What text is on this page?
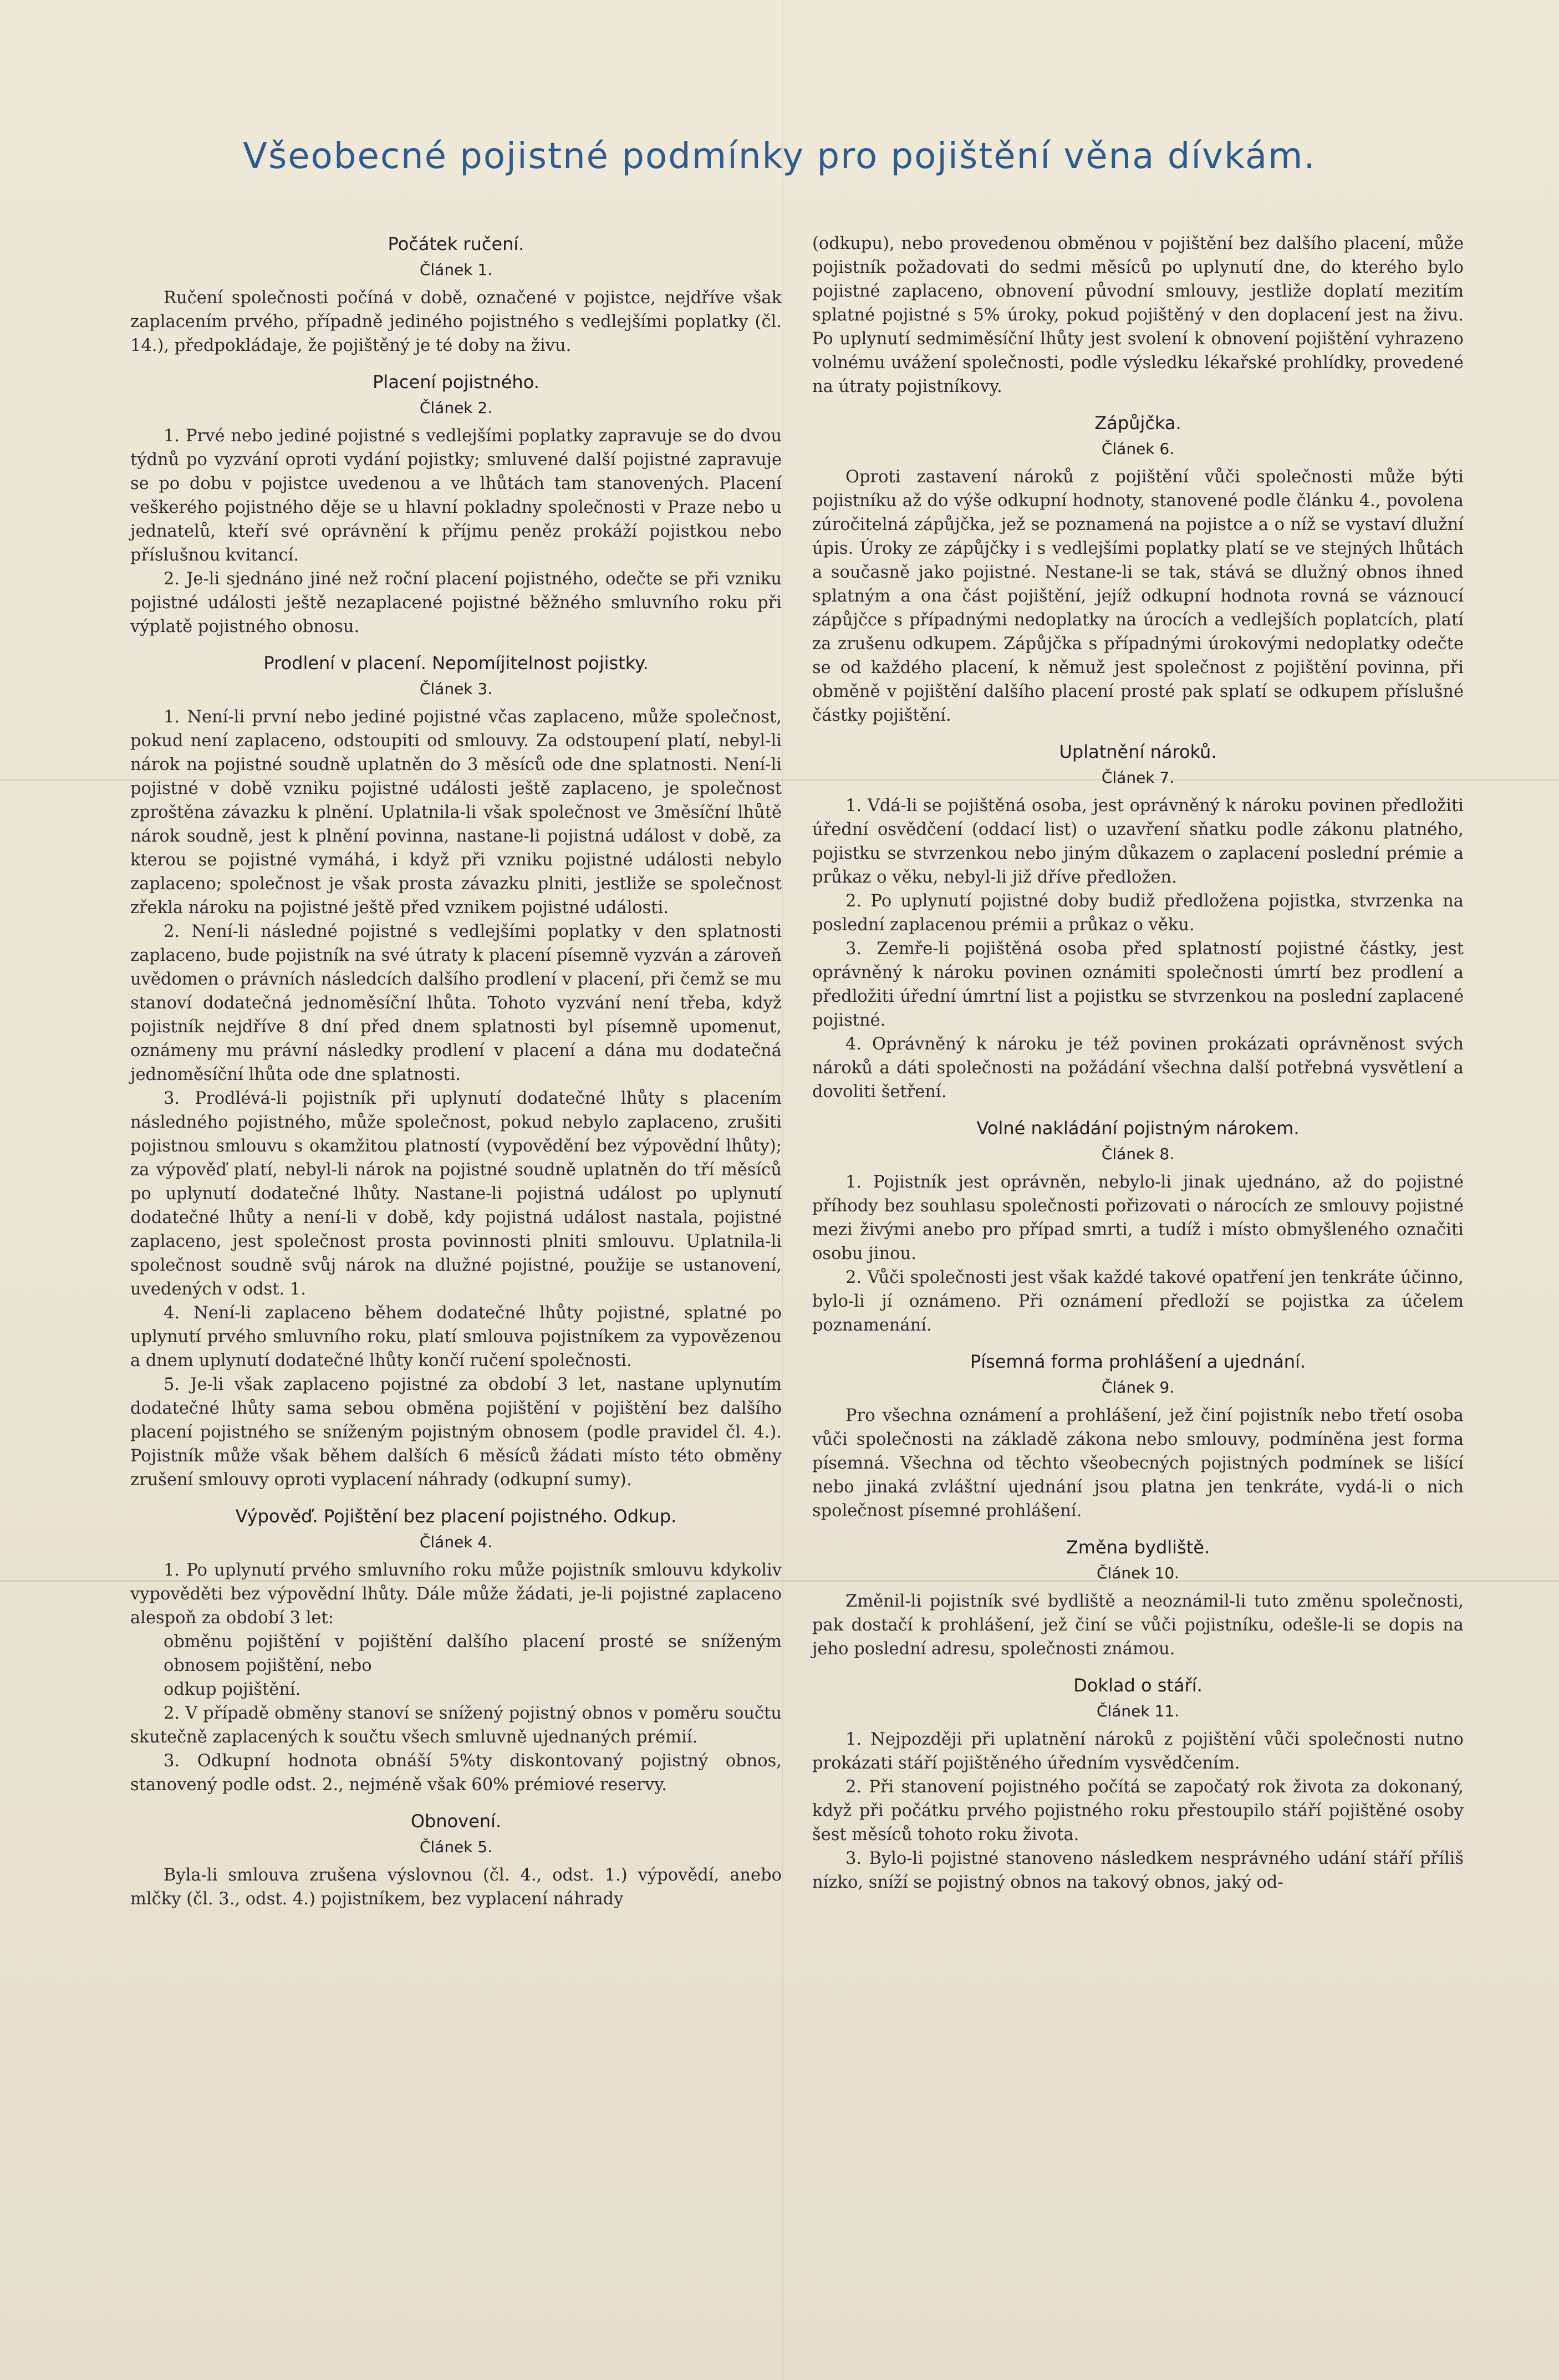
Všeobecné pojistné podmínky pro pojištění věna dívkám.
Počátek ručení.
Článek 1.

Ručení společnosti počíná v době, označené v pojistce, nejdříve však zaplacením prvého, případně jediného pojistného s vedlejšími poplatky (čl. 14.), předpokládaje, že pojištěný je té doby na živu.

Placení pojistného.
Článek 2.

1. Prvé nebo jediné pojistné s vedlejšími poplatky zapravuje se do dvou týdnů po vyzvání oproti vydání pojistky; smluvené další pojistné zapravuje se po dobu v pojistce uvedenou a ve lhůtách tam stanovených. Placení veškerého pojistného děje se u hlavní pokladny společnosti v Praze nebo u jednatelů, kteří své oprávnění k příjmu peněz prokáží pojistkou nebo příslušnou kvitancí.

2. Je-li sjednáno jiné než roční placení pojistného, odečte se při vzniku pojistné události ještě nezaplacené pojistné běžného smluvního roku při výplatě pojistného obnosu.

Prodlení v placení. Nepomíjitelnost pojistky.
Článek 3.

1. Není-li první nebo jediné pojistné včas zaplaceno, může společnost, pokud není zaplaceno, odstoupiti od smlouvy. Za odstoupení platí, nebyl-li nárok na pojistné soudně uplatněn do 3 měsíců ode dne splatnosti. Není-li pojistné v době vzniku pojistné události ještě zaplaceno, je společnost zproštěna závazku k plnění. Uplatnila-li však společnost ve 3měsíční lhůtě nárok soudně, jest k plnění povinna, nastane-li pojistná událost v době, za kterou se pojistné vymáhá, i když při vzniku pojistné události nebylo zaplaceno; společnost je však prosta závazku plniti, jestliže se společnost zřekla nároku na pojistné ještě před vznikem pojistné události.

2. Není-li následné pojistné s vedlejšími poplatky v den splatnosti zaplaceno, bude pojistník na své útraty k placení písemně vyzván a zároveň uvědomen o právních následcích dalšího prodlení v placení, při čemž se mu stanoví dodatečná jednoměsíční lhůta. Tohoto vyzvání není třeba, když pojistník nejdříve 8 dní před dnem splatnosti byl písemně upomenut, oznámeny mu právní následky prodlení v placení a dána mu dodatečná jednoměsíční lhůta ode dne splatnosti.

3. Prodlévá-li pojistník při uplynutí dodatečné lhůty s placením následného pojistného, může společnost, pokud nebylo zaplaceno, zrušiti pojistnou smlouvu s okamžitou platností (vypovědění bez výpovědní lhůty); za výpověď platí, nebyl-li nárok na pojistné soudně uplatněn do tří měsíců po uplynutí dodatečné lhůty. Nastane-li pojistná událost po uplynutí dodatečné lhůty a není-li v době, kdy pojistná událost nastala, pojistné zaplaceno, jest společnost prosta povinnosti plniti smlouvu. Uplatnila-li společnost soudně svůj nárok na dlužné pojistné, použije se ustanovení, uvedených v odst. 1.

4. Není-li zaplaceno během dodatečné lhůty pojistné, splatné po uplynutí prvého smluvního roku, platí smlouva pojistníkem za vypovězenou a dnem uplynutí dodatečné lhůty končí ručení společnosti.

5. Je-li však zaplaceno pojistné za období 3 let, nastane uplynutím dodatečné lhůty sama sebou obměna pojištění v pojištění bez dalšího placení pojistného se sníženým pojistným obnosem (podle pravidel čl. 4.). Pojistník může však během dalších 6 měsíců žádati místo této obměny zrušení smlouvy oproti vyplacení náhrady (odkupní sumy).

Výpověď. Pojištění bez placení pojistného. Odkup.
Článek 4.

1. Po uplynutí prvého smluvního roku může pojistník smlouvu kdykoliv vypověděti bez výpovědní lhůty. Dále může žádati, je-li pojistné zaplaceno alespoň za období 3 let:

obměnu pojištění v pojištění dalšího placení prosté se sníženým obnosem pojištění, nebo

odkup pojištění.

2. V případě obměny stanoví se snížený pojistný obnos v poměru součtu skutečně zaplacených k součtu všech smluvně ujednaných prémií.

3. Odkupní hodnota obnáší 5%ty diskontovaný pojistný obnos, stanovený podle odst. 2., nejméně však 60% prémiové reservy.

Obnovení.
Článek 5.

Byla-li smlouva zrušena výslovnou (čl. 4., odst. 1.) výpovědí, anebo mlčky (čl. 3., odst. 4.) pojistníkem, bez vyplacení náhrady

(odkupu), nebo provedenou obměnou v pojištění bez dalšího placení, může pojistník požadovati do sedmi měsíců po uplynutí dne, do kterého bylo pojistné zaplaceno, obnovení původní smlouvy, jestliže doplatí mezitím splatné pojistné s 5% úroky, pokud pojištěný v den doplacení jest na živu. Po uplynutí sedmiměsíční lhůty jest svolení k obnovení pojištění vyhrazeno volnému uvážení společnosti, podle výsledku lékařské prohlídky, provedené na útraty pojistníkovy.

Zápůjčka.
Článek 6.

Oproti zastavení nároků z pojištění vůči společnosti může býti pojistníku až do výše odkupní hodnoty, stanovené podle článku 4., povolena zúročitelná zápůjčka, jež se poznamená na pojistce a o níž se vystaví dlužní úpis. Úroky ze zápůjčky i s vedlejšími poplatky platí se ve stejných lhůtách a současně jako pojistné. Nestane-li se tak, stává se dlužný obnos ihned splatným a ona část pojištění, jejíž odkupní hodnota rovná se váznoucí zápůjčce s případnými nedoplatky na úrocích a vedlejších poplatcích, platí za zrušenu odkupem. Zápůjčka s případnými úrokovými nedoplatky odečte se od každého placení, k němuž jest společnost z pojištění povinna, při obměně v pojištění dalšího placení prosté pak splatí se odkupem příslušné částky pojištění.

Uplatnění nároků.
Článek 7.

1. Vdá-li se pojištěná osoba, jest oprávněný k nároku povinen předložiti úřední osvědčení (oddací list) o uzavření sňatku podle zákonu platného, pojistku se stvrzenkou nebo jiným důkazem o zaplacení poslední prémie a průkaz o věku, nebyl-li již dříve předložen.

2. Po uplynutí pojistné doby budiž předložena pojistka, stvrzenka na poslední zaplacenou prémii a průkaz o věku.

3. Zemře-li pojištěná osoba před splatností pojistné částky, jest oprávněný k nároku povinen oznámiti společnosti úmrtí bez prodlení a předložiti úřední úmrtní list a pojistku se stvrzenkou na poslední zaplacené pojistné.

4. Oprávněný k nároku je též povinen prokázati oprávněnost svých nároků a dáti společnosti na požádání všechna další potřebná vysvětlení a dovoliti šetření.

Volné nakládání pojistným nárokem.
Článek 8.

1. Pojistník jest oprávněn, nebylo-li jinak ujednáno, až do pojistné příhody bez souhlasu společnosti pořizovati o nárocích ze smlouvy pojistné mezi živými anebo pro případ smrti, a tudíž i místo obmyšleného označiti osobu jinou.

2. Vůči společnosti jest však každé takové opatření jen tenkráte účinno, bylo-li jí oznámeno. Při oznámení předloží se pojistka za účelem poznamenání.

Písemná forma prohlášení a ujednání.
Článek 9.

Pro všechna oznámení a prohlášení, jež činí pojistník nebo třetí osoba vůči společnosti na základě zákona nebo smlouvy, podmíněna jest forma písemná. Všechna od těchto všeobecných pojistných podmínek se lišící nebo jinaká zvláštní ujednání jsou platna jen tenkráte, vydá-li o nich společnost písemné prohlášení.

Změna bydliště.
Článek 10.

Změnil-li pojistník své bydliště a neoznámil-li tuto změnu společnosti, pak dostačí k prohlášení, jež činí se vůči pojistníku, odešle-li se dopis na jeho poslední adresu, společnosti známou.

Doklad o stáří.
Článek 11.

1. Nejpozději při uplatnění nároků z pojištění vůči společnosti nutno prokázati stáří pojištěného úředním vysvědčením.

2. Při stanovení pojistného počítá se započatý rok života za dokonaný, když při počátku prvého pojistného roku přestoupilo stáří pojištěné osoby šest měsíců tohoto roku života.

3. Bylo-li pojistné stanoveno následkem nesprávného udání stáří příliš nízko, sníží se pojistný obnos na takový obnos, jaký od-
